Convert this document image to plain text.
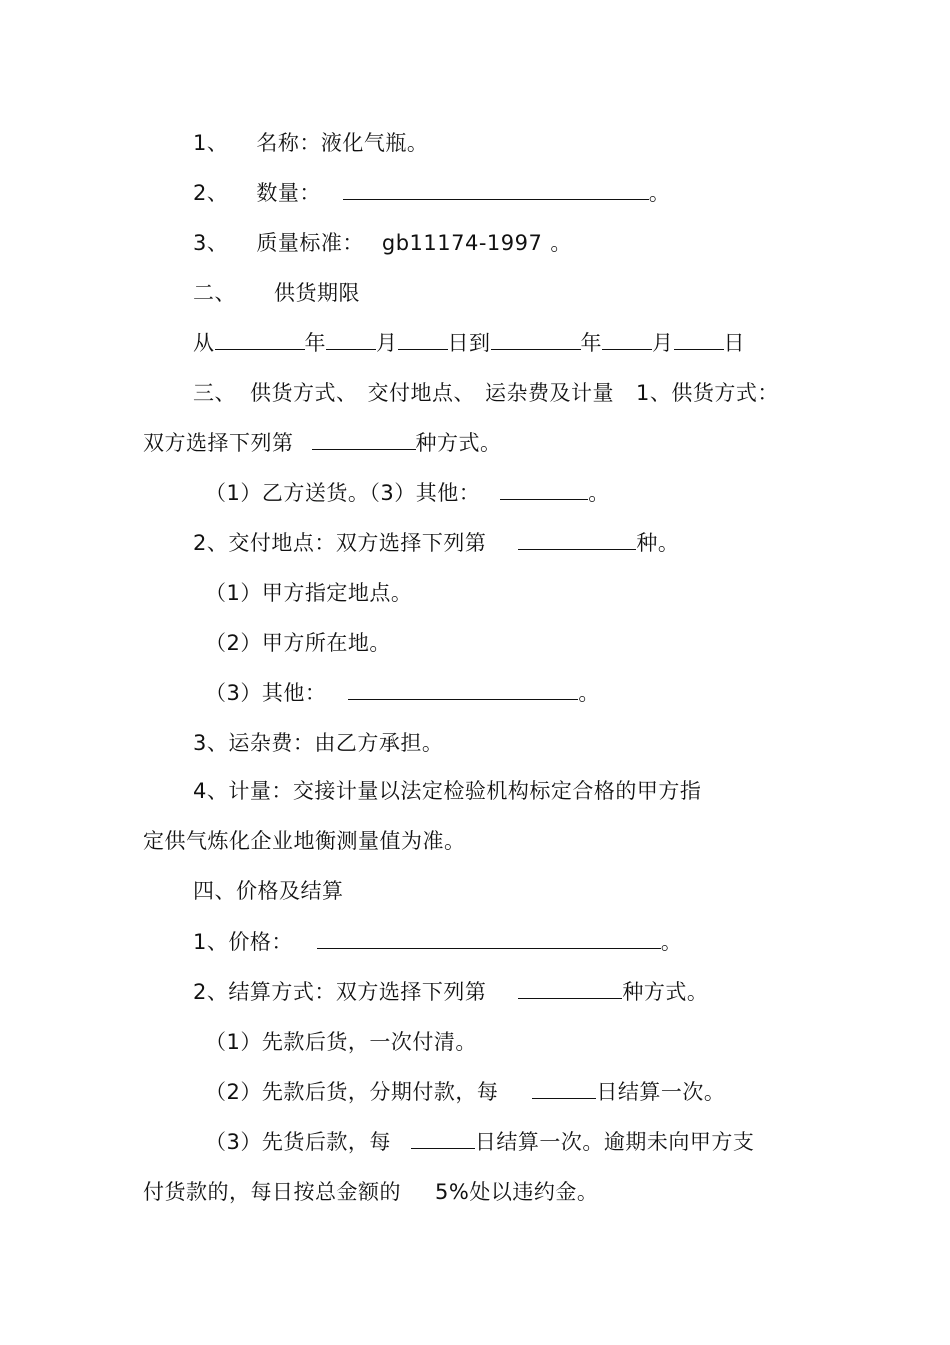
1、 名称：液化气瓶。
2、 数量：	。
3、 质量标准： gb11174-1997 。
二、 供货期限
从	年 月 日到	年 月 日
三、 供货方式、 交付地点、 运杂费及计量 1、供货方式：
双方选择下列第	种方式。
（1）乙方送货。（3）其他：	。
2、交付地点：双方选择下列第	种。
（1）甲方指定地点。
（2）甲方所在地。
（3）其他：	。
3、运杂费：由乙方承担。
4、计量：交接计量以法定检验机构标定合格的甲方指
定供气炼化企业地衡测量值为准。
四、价格及结算
1、价格：	。
2、结算方式：双方选择下列第	种方式。
（1）先款后货，一次付清。
（2）先款后货，分期付款，每	日结算一次。
（3）先货后款，每	日结算一次。逾期未向甲方支
付货款的，每日按总金额的 5%处以违约金。
